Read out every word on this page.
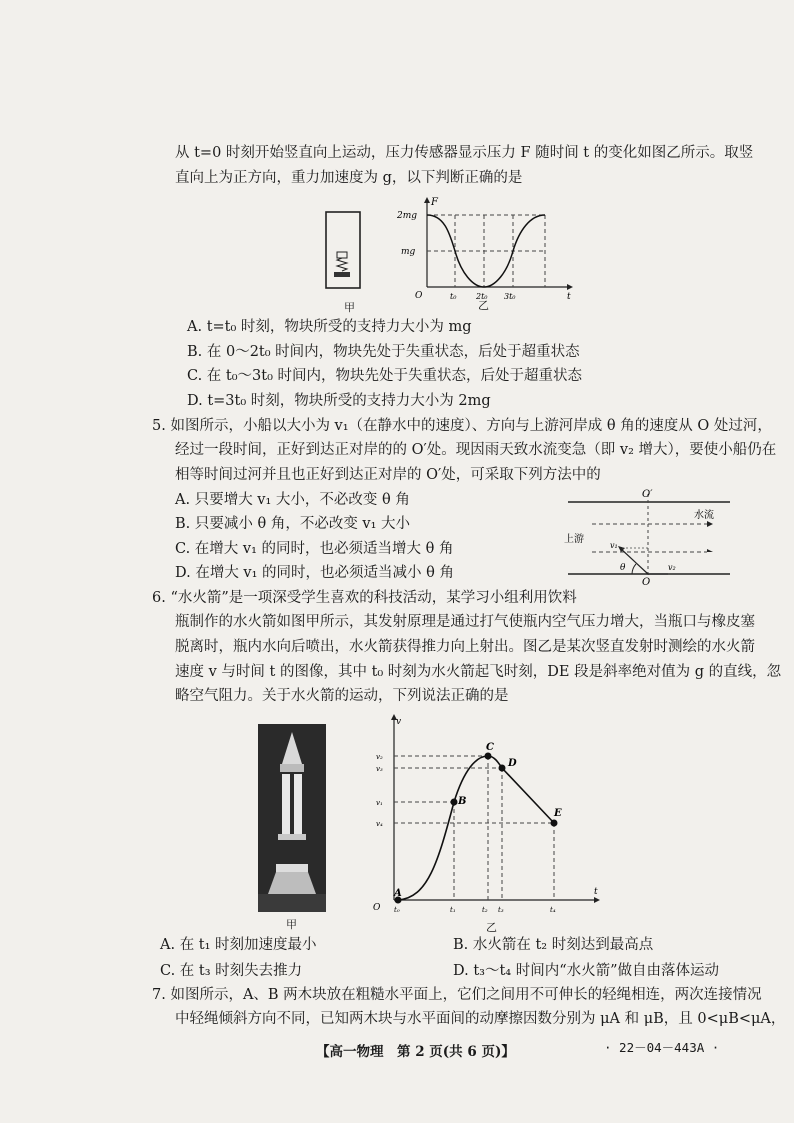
从 t=0 时刻开始竖直向上运动，压力传感器显示压力 F 随时间 t 的变化如图乙所示。取竖
直向上为正方向，重力加速度为 g，以下判断正确的是
甲
F
2mg
mg
O	t₀ 2t₀ 3t₀	t
乙
A. t=t₀ 时刻，物块所受的支持力大小为 mg
B. 在 0～2t₀ 时间内，物块先处于失重状态，后处于超重状态
C. 在 t₀～3t₀ 时间内，物块先处于失重状态，后处于超重状态
D. t=3t₀ 时刻，物块所受的支持力大小为 2mg
5. 如图所示，小船以大小为 v₁（在静水中的速度）、方向与上游河岸成 θ 角的速度从 O 处过河，
经过一段时间，正好到达正对岸的的 O′处。现因雨天致水流变急（即 v₂ 增大），要使小船仍在
相等时间过河并且也正好到达正对岸的 O′处，可采取下列方法中的
A. 只要增大 v₁ 大小，不必改变 θ 角
B. 只要减小 θ 角，不必改变 v₁ 大小
C. 在增大 v₁ 的同时，也必须适当增大 θ 角
D. 在增大 v₁ 的同时，也必须适当减小 θ 角
O′
水流
上游
v₁
v₂
θ
O
6. “水火箭”是一项深受学生喜欢的科技活动，某学习小组利用饮料
瓶制作的水火箭如图甲所示，其发射原理是通过打气使瓶内空气压力增大，当瓶口与橡皮塞
脱离时，瓶内水向后喷出，水火箭获得推力向上射出。图乙是某次竖直发射时测绘的水火箭
速度 v 与时间 t 的图像，其中 t₀ 时刻为水火箭起飞时刻，DE 段是斜率绝对值为 g 的直线，忽
略空气阻力。关于水火箭的运动，下列说法正确的是
甲
A
B
C
D
E
v
t
O
v₂
v₃
v₁
v₄
t₀	t₁	t₂ t₃	t₄
乙
A. 在 t₁ 时刻加速度最小	B. 水火箭在 t₂ 时刻达到最高点
C. 在 t₃ 时刻失去推力	D. t₃～t₄ 时间内“水火箭”做自由落体运动
7. 如图所示，A、B 两木块放在粗糙水平面上，它们之间用不可伸长的轻绳相连，两次连接情况
中轻绳倾斜方向不同，已知两木块与水平面间的动摩擦因数分别为 μA 和 μB，且 0<μB<μA，
【高一物理　第 2 页(共 6 页)】	· 22－04－443A ·
